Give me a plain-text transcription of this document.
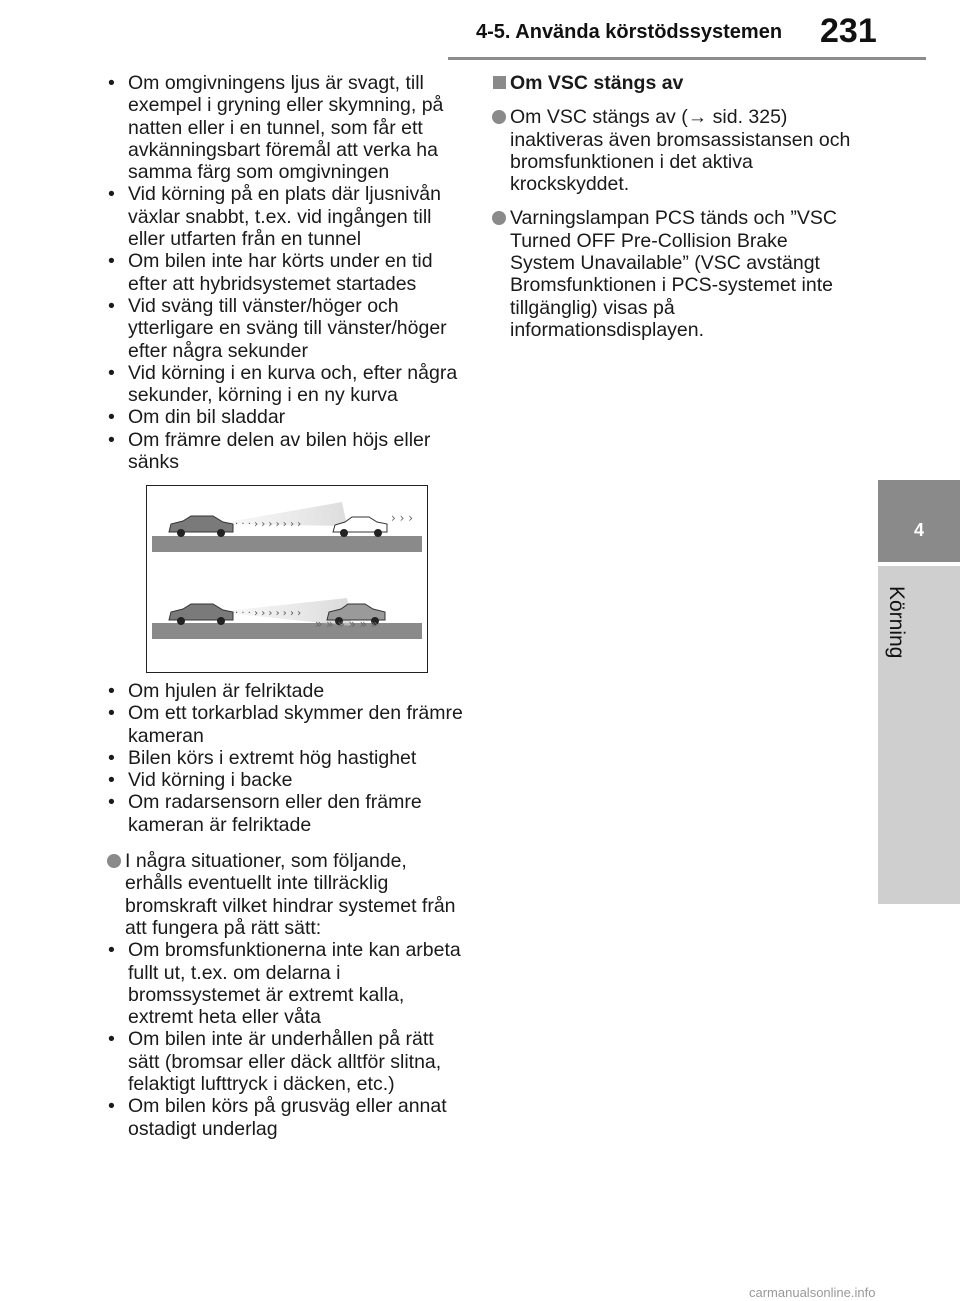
4-5. Använda körstödssystemen 231
4
Körning
• Om omgivningens ljus är svagt, till exempel i gryning eller skymning, på natten eller i en tunnel, som får ett avkänningsbart föremål att verka ha samma färg som omgivningen
• Vid körning på en plats där ljusnivån växlar snabbt, t.ex. vid ingången till eller utfarten från en tunnel
• Om bilen inte har körts under en tid efter att hybridsystemet startades
• Vid sväng till vänster/höger och ytterligare en sväng till vänster/höger efter några sekunder
• Vid körning i en kurva och, efter några sekunder, körning i en ny kurva
• Om din bil sladdar
• Om främre delen av bilen höjs eller sänks
· · · › › › › › › ›	› › ›
· · · › › › › › › ›
» » » » » »
• Om hjulen är felriktade
• Om ett torkarblad skymmer den främre kameran
• Bilen körs i extremt hög hastighet
• Vid körning i backe
• Om radarsensorn eller den främre kameran är felriktade
I några situationer, som följande, erhålls eventuellt inte tillräcklig bromskraft vilket hindrar systemet från att fungera på rätt sätt:
• Om bromsfunktionerna inte kan arbeta fullt ut, t.ex. om delarna i bromssystemet är extremt kalla, extremt heta eller våta
• Om bilen inte är underhållen på rätt sätt (bromsar eller däck alltför slitna, felaktigt lufttryck i däcken, etc.)
• Om bilen körs på grusväg eller annat ostadigt underlag
Om VSC stängs av
Om VSC stängs av (→ sid. 325) inaktiveras även bromsassistansen och bromsfunktionen i det aktiva krockskyddet.
Varningslampan PCS tänds och ”VSC Turned OFF Pre-Collision Brake System Unavailable” (VSC avstängt Bromsfunktionen i PCS-systemet inte tillgänglig) visas på informationsdisplayen.
carmanualsonline.info
